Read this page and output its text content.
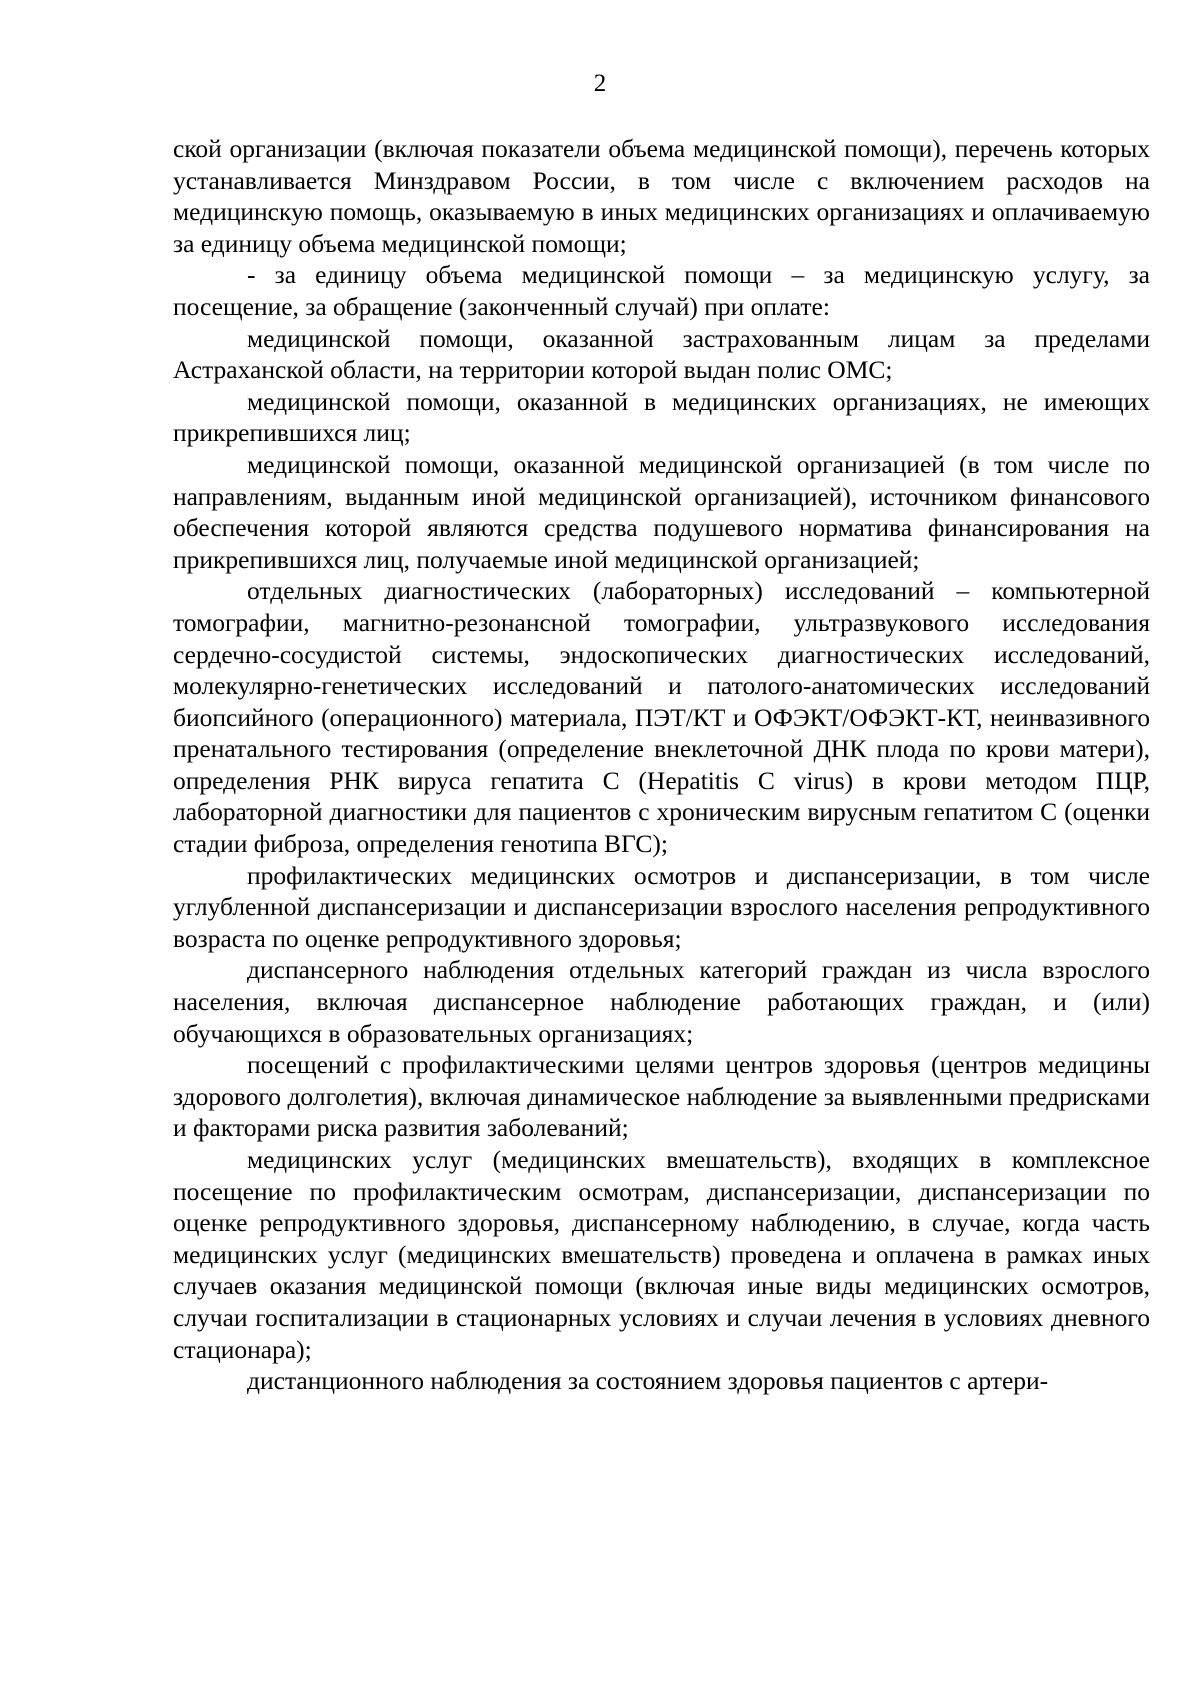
2

ской организации (включая показатели объема медицинской помощи), перечень которых устанавливается Минздравом России, в том числе с включением расходов на медицинскую помощь, оказываемую в иных медицинских организациях и оплачиваемую за единицу объема медицинской помощи;

- за единицу объема медицинской помощи – за медицинскую услугу, за посещение, за обращение (законченный случай) при оплате:

медицинской помощи, оказанной застрахованным лицам за пределами Астраханской области, на территории которой выдан полис ОМС;

медицинской помощи, оказанной в медицинских организациях, не имеющих прикрепившихся лиц;

медицинской помощи, оказанной медицинской организацией (в том числе по направлениям, выданным иной медицинской организацией), источником финансового обеспечения которой являются средства подушевого норматива финансирования на прикрепившихся лиц, получаемые иной медицинской организацией;

отдельных диагностических (лабораторных) исследований – компьютерной томографии, магнитно-резонансной томографии, ультразвукового исследования сердечно-сосудистой системы, эндоскопических диагностических исследований, молекулярно-генетических исследований и патолого-анатомических исследований биопсийного (операционного) материала, ПЭТ/КТ и ОФЭКТ/ОФЭКТ-КТ, неинвазивного пренатального тестирования (определение внеклеточной ДНК плода по крови матери), определения РНК вируса гепатита С (Hepatitis C virus) в крови методом ПЦР, лабораторной диагностики для пациентов с хроническим вирусным гепатитом С (оценки стадии фиброза, определения генотипа ВГС);

профилактических медицинских осмотров и диспансеризации, в том числе углубленной диспансеризации и диспансеризации взрослого населения репродуктивного возраста по оценке репродуктивного здоровья;

диспансерного наблюдения отдельных категорий граждан из числа взрослого населения, включая диспансерное наблюдение работающих граждан, и (или) обучающихся в образовательных организациях;

посещений с профилактическими целями центров здоровья (центров медицины здорового долголетия), включая динамическое наблюдение за выявленными предрисками и факторами риска развития заболеваний;

медицинских услуг (медицинских вмешательств), входящих в комплексное посещение по профилактическим осмотрам, диспансеризации, диспансеризации по оценке репродуктивного здоровья, диспансерному наблюдению, в случае, когда часть медицинских услуг (медицинских вмешательств) проведена и оплачена в рамках иных случаев оказания медицинской помощи (включая иные виды медицинских осмотров, случаи госпитализации в стационарных условиях и случаи лечения в условиях дневного стационара);

дистанционного наблюдения за состоянием здоровья пациентов с артери-
